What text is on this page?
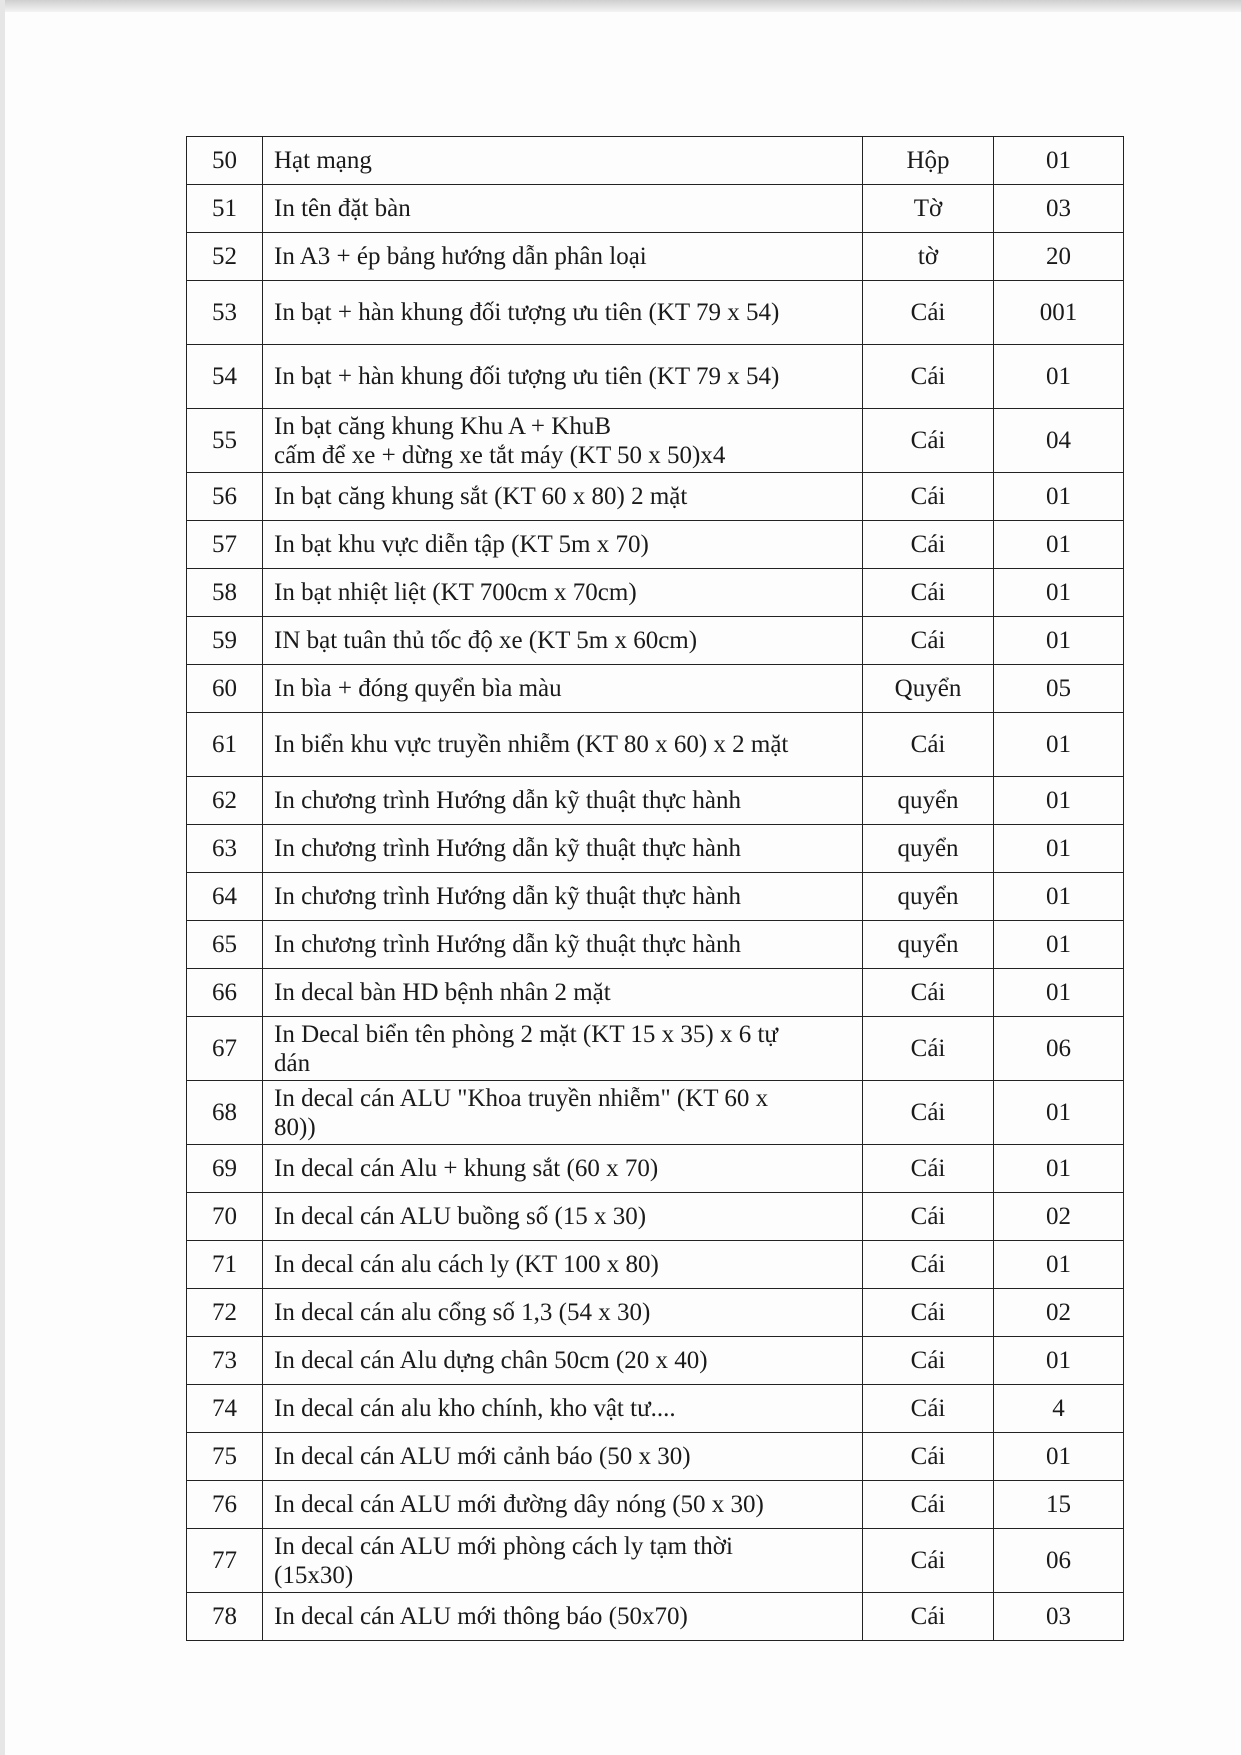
50	Hạt mạng	Hộp	01
51	In tên đặt bàn	Tờ	03
52	In A3 + ép bảng hướng dẫn phân loại	tờ	20
53	In bạt + hàn khung đối tượng ưu tiên (KT 79 x 54)	Cái	001
54	In bạt + hàn khung đối tượng ưu tiên (KT 79 x 54)	Cái	01
55	In bạt căng khung Khu A + KhuB
cấm để xe + dừng xe tắt máy (KT 50 x 50)x4	Cái	04
56	In bạt căng khung sắt (KT 60 x 80) 2 mặt	Cái	01
57	In bạt khu vực diễn tập (KT 5m x 70)	Cái	01
58	In bạt nhiệt liệt (KT 700cm x 70cm)	Cái	01
59	IN bạt tuân thủ tốc độ xe (KT 5m x 60cm)	Cái	01
60	In bìa + đóng quyển bìa màu	Quyển	05
61	In biển khu vực truyền nhiễm (KT 80 x 60) x 2 mặt	Cái	01
62	In chương trình Hướng dẫn kỹ thuật thực hành	quyển	01
63	In chương trình Hướng dẫn kỹ thuật thực hành	quyển	01
64	In chương trình Hướng dẫn kỹ thuật thực hành	quyển	01
65	In chương trình Hướng dẫn kỹ thuật thực hành	quyển	01
66	In decal bàn HD bệnh nhân 2 mặt	Cái	01
67	In Decal biển tên phòng 2 mặt (KT 15 x 35) x 6 tự
dán	Cái	06
68	In decal cán ALU "Khoa truyền nhiễm" (KT 60 x
80))	Cái	01
69	In decal cán Alu + khung sắt (60 x 70)	Cái	01
70	In decal cán ALU buồng số (15 x 30)	Cái	02
71	In decal cán alu cách ly (KT 100 x 80)	Cái	01
72	In decal cán alu cổng số 1,3 (54 x 30)	Cái	02
73	In decal cán Alu dựng chân 50cm (20 x 40)	Cái	01
74	In decal cán alu kho chính, kho vật tư....	Cái	4
75	In decal cán ALU mới cảnh báo (50 x 30)	Cái	01
76	In decal cán ALU mới đường dây nóng (50 x 30)	Cái	15
77	In decal cán ALU mới phòng cách ly tạm thời
(15x30)	Cái	06
78	In decal cán ALU mới thông báo (50x70)	Cái	03
